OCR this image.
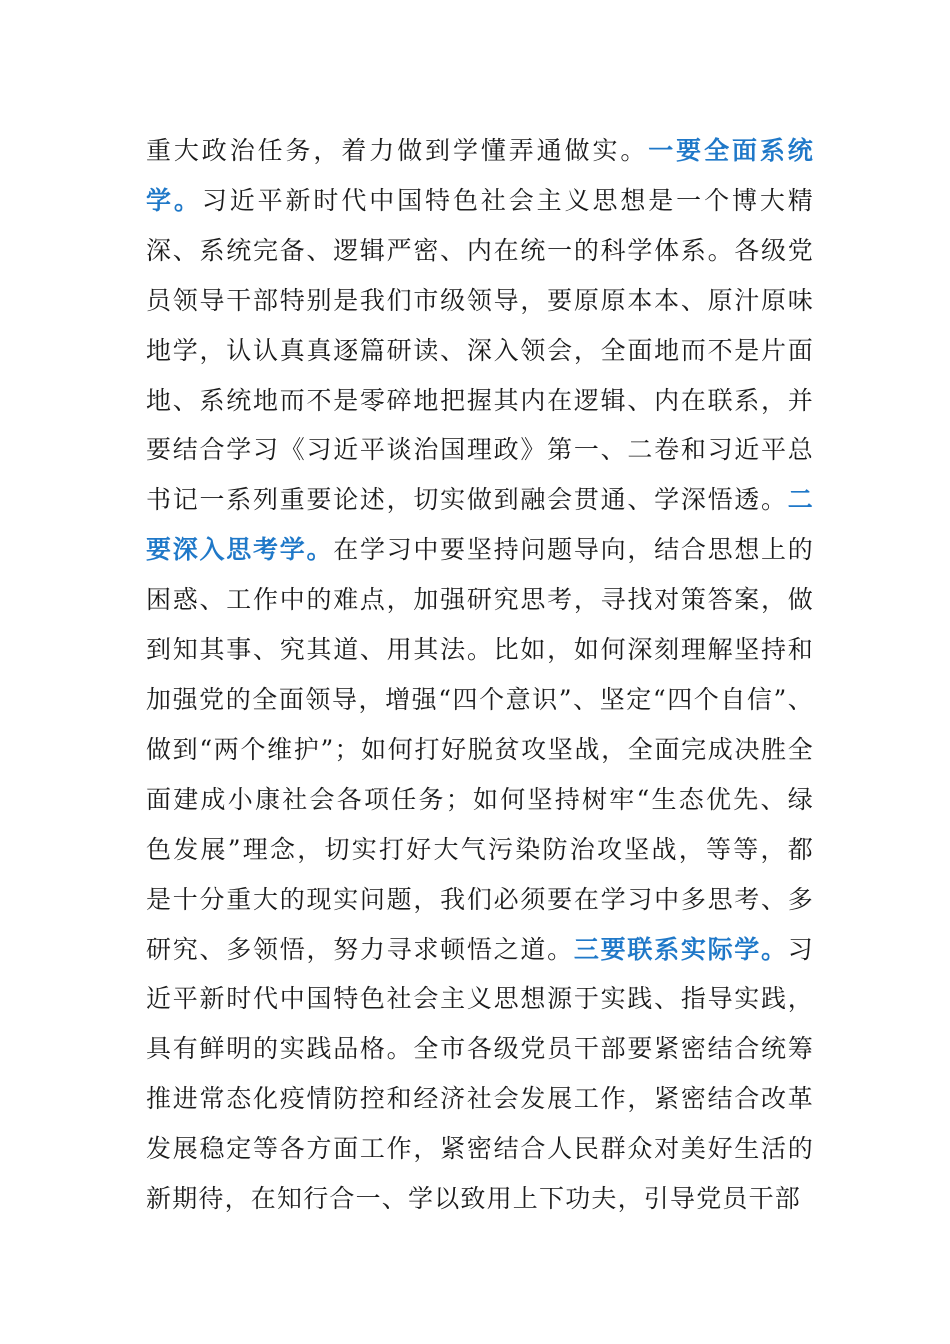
重大政治任务，着力做到学懂弄通做实。一要全面系统学。习近平新时代中国特色社会主义思想是一个博大精深、系统完备、逻辑严密、内在统一的科学体系。各级党员领导干部特别是我们市级领导，要原原本本、原汁原味地学，认认真真逐篇研读、深入领会，全面地而不是片面地、系统地而不是零碎地把握其内在逻辑、内在联系，并要结合学习《习近平谈治国理政》第一、二卷和习近平总书记一系列重要论述，切实做到融会贯通、学深悟透。二要深入思考学。在学习中要坚持问题导向，结合思想上的困惑、工作中的难点，加强研究思考，寻找对策答案，做到知其事、究其道、用其法。比如，如何深刻理解坚持和加强党的全面领导，增强“四个意识”、坚定“四个自信”、做到“两个维护”；如何打好脱贫攻坚战，全面完成决胜全面建成小康社会各项任务；如何坚持树牢“生态优先、绿色发展”理念，切实打好大气污染防治攻坚战，等等，都是十分重大的现实问题，我们必须要在学习中多思考、多研究、多领悟，努力寻求顿悟之道。三要联系实际学。习近平新时代中国特色社会主义思想源于实践、指导实践，具有鲜明的实践品格。全市各级党员干部要紧密结合统筹推进常态化疫情防控和经济社会发展工作，紧密结合改革发展稳定等各方面工作，紧密结合人民群众对美好生活的新期待，在知行合一、学以致用上下功夫，引导党员干部
